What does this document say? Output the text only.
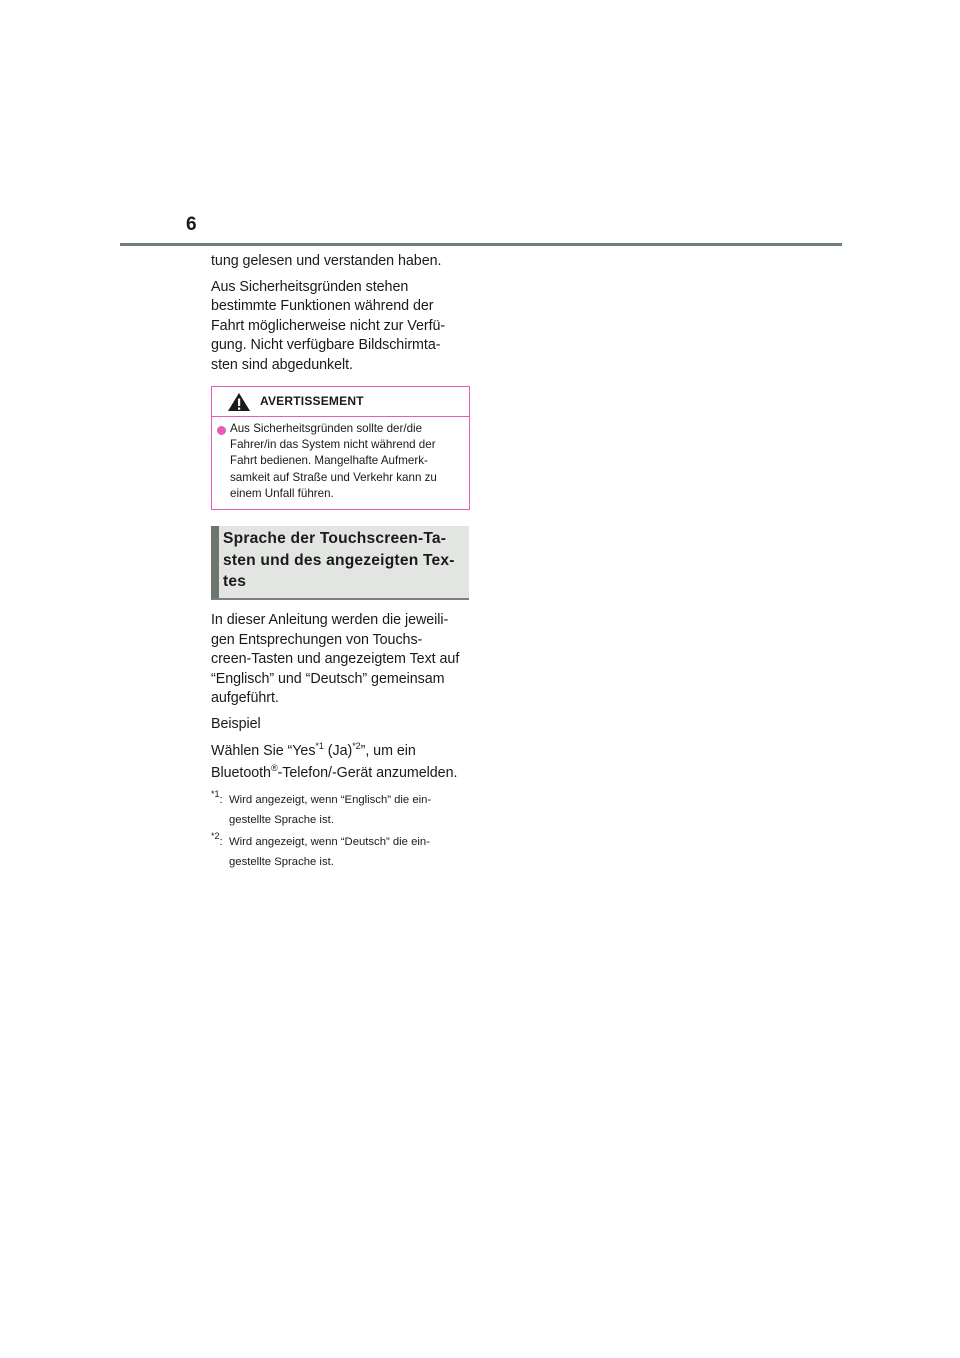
6

tung gelesen und verstanden haben.

Aus Sicherheitsgründen stehen
bestimmte Funktionen während der
Fahrt möglicherweise nicht zur Verfü-
gung. Nicht verfügbare Bildschirmta-
sten sind abgedunkelt.

AVERTISSEMENT
Aus Sicherheitsgründen sollte der/die
Fahrer/in das System nicht während der
Fahrt bedienen. Mangelhafte Aufmerk-
samkeit auf Straße und Verkehr kann zu
einem Unfall führen.
Sprache der Touchscreen-Ta-
sten und des angezeigten Tex-
tes

In dieser Anleitung werden die jeweili-
gen Entsprechungen von Touchs-
creen-Tasten und angezeigtem Text auf
“Englisch” und “Deutsch” gemeinsam
aufgeführt.

Beispiel

Wählen Sie “Yes$^{*1}$ $(Ja)^{*2}$”, um ein
Bluetooth®-Telefon/-Gerät anzumelden.

$^{*1}$: Wird angezeigt, wenn “Englisch” die ein-
gestellte Sprache ist.
$^{*2}$: Wird angezeigt, wenn “Deutsch” die ein-
gestellte Sprache ist.
